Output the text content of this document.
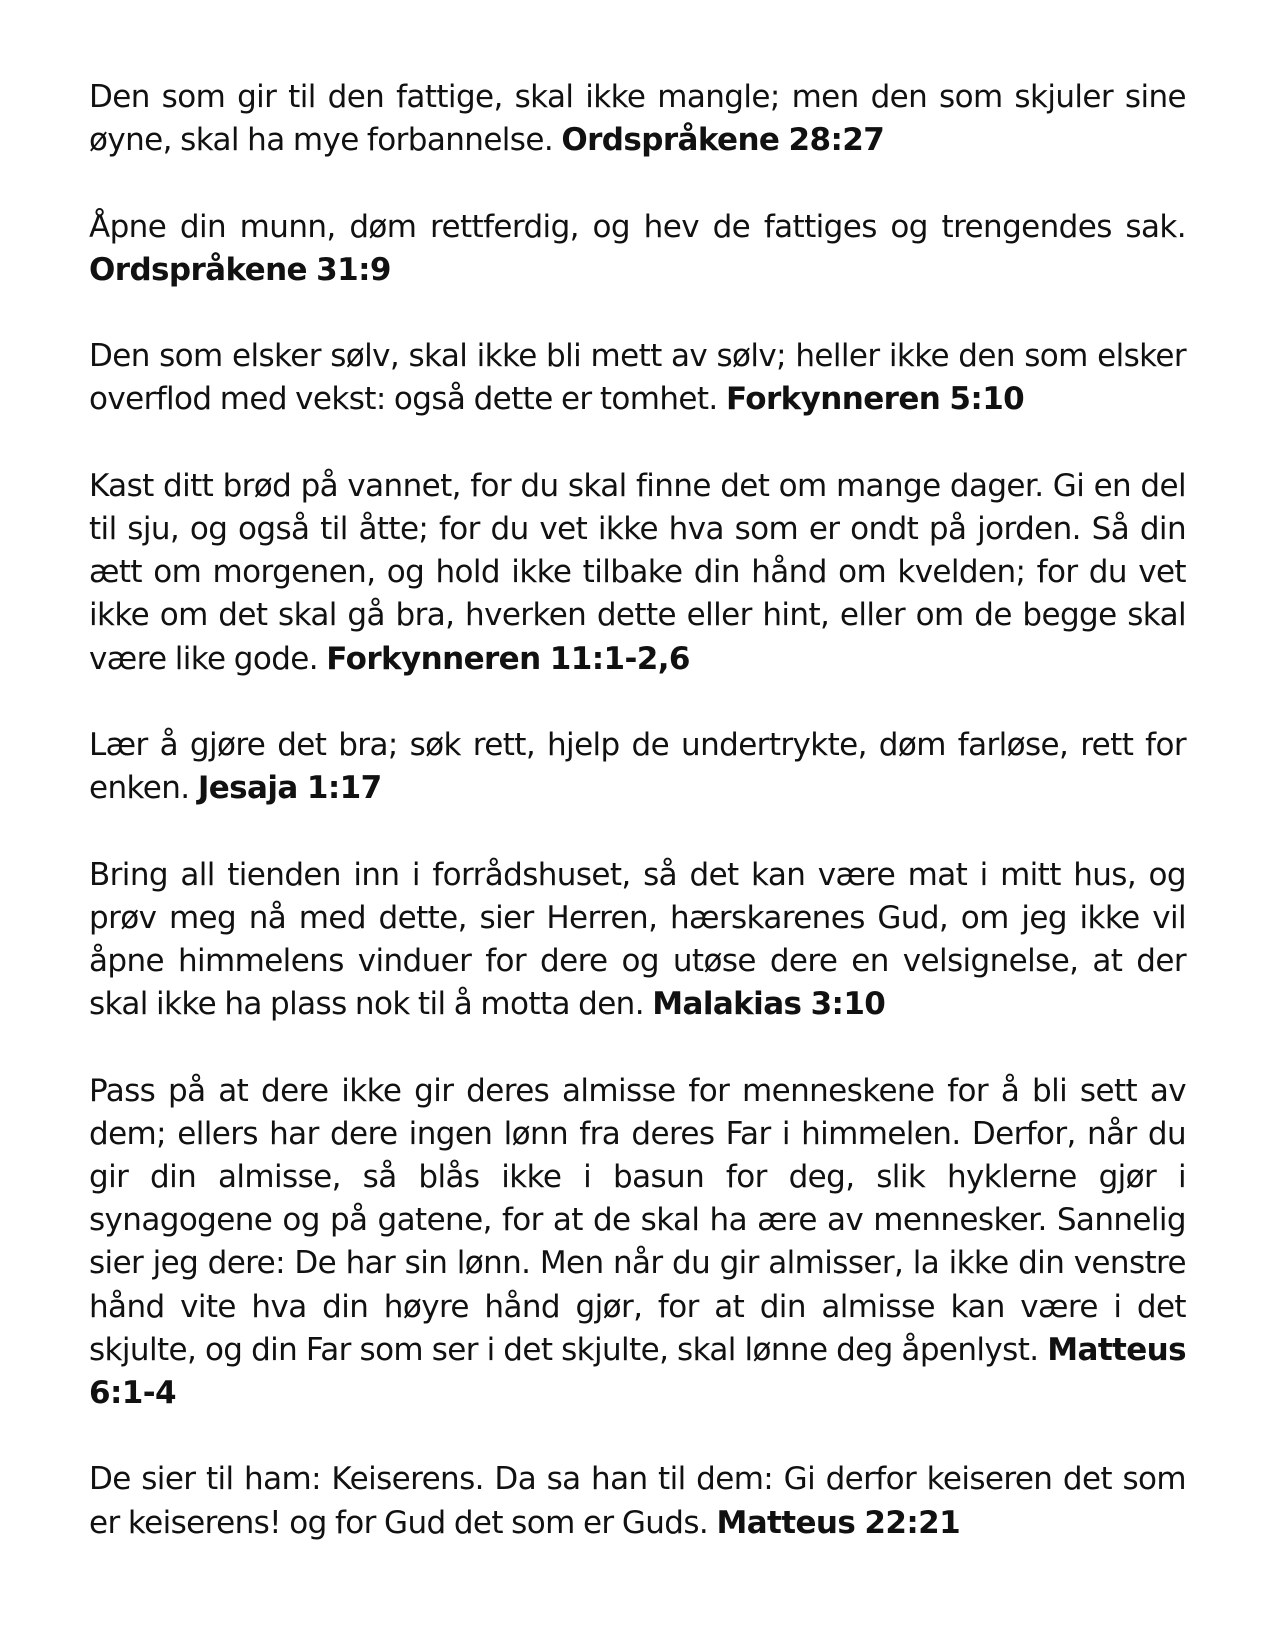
Den som gir til den fattige, skal ikke mangle; men den som skjuler sine øyne, skal ha mye forbannelse. Ordspråkene 28:27

Åpne din munn, døm rettferdig, og hev de fattiges og trengendes sak. Ordspråkene 31:9

Den som elsker sølv, skal ikke bli mett av sølv; heller ikke den som elsker overflod med vekst: også dette er tomhet. Forkynneren 5:10

Kast ditt brød på vannet, for du skal finne det om mange dager. Gi en del til sju, og også til åtte; for du vet ikke hva som er ondt på jorden. Så din ætt om morgenen, og hold ikke tilbake din hånd om kvelden; for du vet ikke om det skal gå bra, hverken dette eller hint, eller om de begge skal være like gode. Forkynneren 11:1-2,6

Lær å gjøre det bra; søk rett, hjelp de undertrykte, døm farløse, rett for enken. Jesaja 1:17

Bring all tienden inn i forrådshuset, så det kan være mat i mitt hus, og prøv meg nå med dette, sier Herren, hærskarenes Gud, om jeg ikke vil åpne himmelens vinduer for dere og utøse dere en velsignelse, at der skal ikke ha plass nok til å motta den. Malakias 3:10

Pass på at dere ikke gir deres almisse for menneskene for å bli sett av dem; ellers har dere ingen lønn fra deres Far i himmelen. Derfor, når du gir din almisse, så blås ikke i basun for deg, slik hyklerne gjør i synagogene og på gatene, for at de skal ha ære av mennesker. Sannelig sier jeg dere: De har sin lønn. Men når du gir almisser, la ikke din venstre hånd vite hva din høyre hånd gjør, for at din almisse kan være i det skjulte, og din Far som ser i det skjulte, skal lønne deg åpenlyst. Matteus 6:1-4

De sier til ham: Keiserens. Da sa han til dem: Gi derfor keiseren det som er keiserens! og for Gud det som er Guds. Matteus 22:21
